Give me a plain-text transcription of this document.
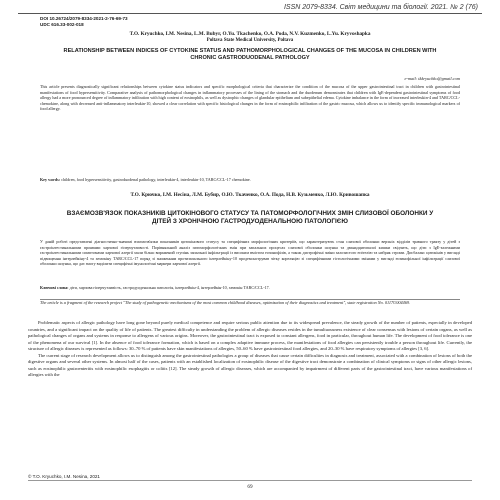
ISSN 2079-8334. Світ медицини та біології. 2021. № 2 (76)
DOI 10.26724/2079-8334-2021-2-76-69-73
UDC 616.33-002-018
T.O. Kryuchko, I.M. Nesina, L.M. Bubyr, O.Yu. Tkachenko, O.A. Poda, N.V. Kuzmenko, L.Yu. Kryvoshapka
Poltava State Medical University, Poltava
RELATIONSHIP BETWEEN INDICES OF CYTOKINE STATUS AND PATHOMORPHOLOGICAL CHANGES OF THE MUCOSA IN CHILDREN WITH CHRONIC GASTRODUODENAL PATHOLOGY
e-mail: tkkryuchko@gmail.com
This article presents diagnostically significant relationships between cytokine status indicators and specific morphological criteria that characterize the condition of the mucosa of the upper gastrointestinal tract in children with gastrointestinal manifestations of food hypersensitivity. Comparative analysis of pathomorphological changes in inflammatory processes of the lining of the stomach and the duodenum demonstrates that children with IgE-dependent gastrointestinal symptoms of food allergy had a more pronounced degree of inflammatory infiltration with high content of eosinophils, as well as dystrophic changes of glandular epithelium and subepithelial edema. Cytokine imbalance in the form of increased interleukin-4 and TARC/CCL-chemokine, along with decreased anti-inflammatory interleukin-10, showed a clear correlation with specific histological changes in the form of eosinophilic infiltration of the gastric mucosa, which allows us to identify specific immunological markers of food allergy.
Key words: children, food hypersensitivity, gastroduodenal pathology, interleukin-4, interleukin-10, TARC/CCL-17 chemokine.
Т.О. Крючко, І.М. Несіна, Л.М. Бубир, О.Ю. Ткаченко, О.А. Пода, Н.В. Кузьменко, Л.Ю. Кривошапка
ВЗАЄМОЗВ'ЯЗОК ПОКАЗНИКІВ ЦИТОКІНОВОГО СТАТУСУ ТА ПАТОМОРФОЛОГІЧНИХ ЗМІН СЛИЗОВОЇ ОБОЛОНКИ У ДІТЕЙ З ХРОНІЧНОЮ ГАСТРОДУОДЕНАЛЬНОЮ ПАТОЛОГІЄЮ
У даній роботі представлені діагностично-значимі взаємозв'язки показників цитокінового статусу та специфічних морфологічних критеріїв, що характеризують стан слизової оболонки верхніх відділів травного тракту у дітей з гастроінтестинальними проявами харчової гіперчутливості. Порівняльний аналіз патоморфологічних змін при запальних процесах слизової оболонки шлунка та дванадцятипалої кишки свідчить, що діти з IgE-залежними гастроінтестинальними симптомами харчової алергії мали більш виражений ступінь запальної інфільтрації із високим вмістом еозинофілів, а також дистрофічні зміни залозистого епітелію та набряк строми. Дисбаланс цитокінів у вигляді підвищення інтерлейкіну-4 та хемокіну TARC/CCL-17 поряд зі зниженням протизапального інтерлейкіну-10 продемонстрував чітку кореляцію зі специфічними гістологічними змінами у вигляді еозинофільної інфільтрації слизової оболонки шлунка, що дає змогу виділити специфічні імунологічні маркери харчової алергії.
Ключові слова: діти, харчова гіперчутливість, гастродуоденальна патологія, інтерлейкін-4, інтерлейкін-10, хемокін TARC/CCL-17.
The article is a fragment of the research project "The study of pathogenetic mechanisms of the most common childhood diseases, optimization of their diagnostics and treatment", state registration No. 0117U004469.

Problematic aspects of allergic pathology have long gone beyond purely medical competence and require serious public attention due to its widespread prevalence, the steady growth of the number of patients, especially in developed countries, and a significant impact on the quality of life of patients. The greatest difficulty in understanding the problem of allergic diseases resides in the tumultuousness existence of clear consensus with lesions of certain organs, as well as pathological changes of organs and systems in response to allergens of various origins. Moreover, the gastrointestinal tract is exposed to constant allergens, food in particular, throughout human life. The development of food tolerance is one of the phenomena of our survival [1]. In the absence of food tolerance formation, which is based on a complex adaptive immune process, the manifestations of food allergies can persistently trouble a person throughout life. Currently, the structure of allergic diseases is represented as follows: 30–70 % of patients have skin manifestations of allergies, 50–60 % have gastrointestinal food allergies, and 20–30 % have respiratory symptoms of allergies [3, 6].

The current stage of research development allows us to distinguish among the gastrointestinal pathologies a group of diseases that cause certain difficulties in diagnosis and treatment, associated with a combination of lesions of both the digestive organs and several other systems. In almost half of the cases, patients with an established localization of eosinophilic disease of the digestive tract demonstrate a combination of clinical symptoms or signs of other allergic lesions, such as eosinophilic gastroenteritis with eosinophilic esophagitis or colitis [12]. The steady growth of allergic diseases, which are accompanied by impairment of different parts of the gastrointestinal tract, have various manifestations of allergies with the

© T.O. Kryuchko, I.M. Nesina, 2021
69
